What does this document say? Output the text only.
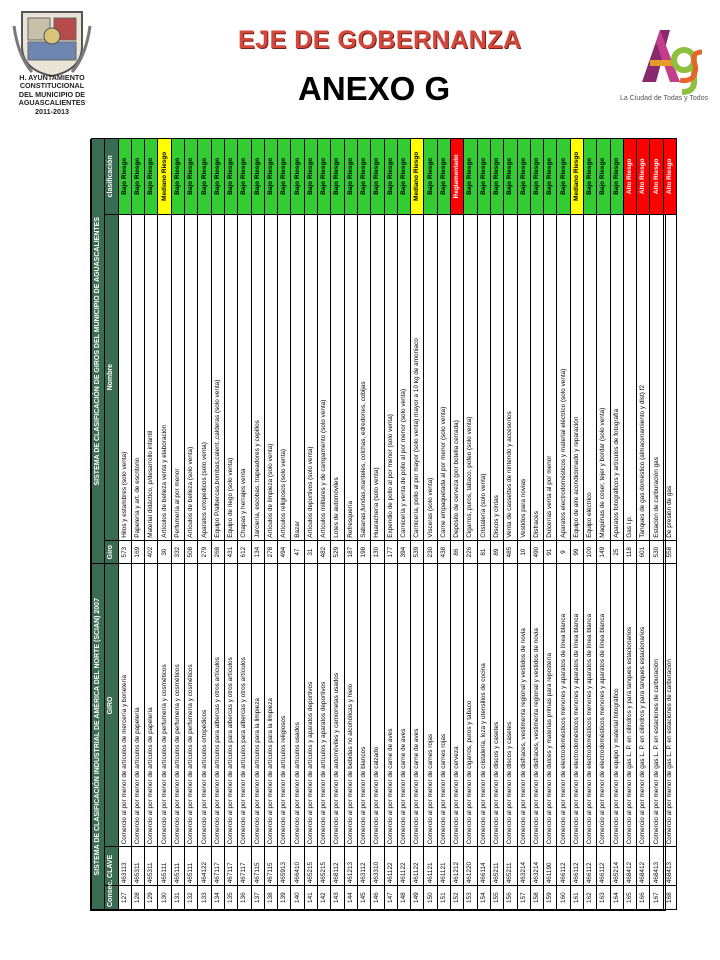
H. AYUNTAMIENTO
CONSTITUCIONAL
DEL MUNICIPIO DE
AGUASCALIENTES
2011-2013
EJE DE GOBERNANZA
ANEXO G	La Ciudad de Todas y Todos
SISTEMA DE CLASIFICACIÓN INDUSTRIAL DE AMÉRICA DEL NORTE (SCIAN) 2007			SISTEMA DE CLASIFICACIÓN DE GIROS DEL MUNICIPIO DE AGUASCALIENTES		
Consec.	CLAVE	GIRO	Giro	Nombre	clasificación
127	463113	Comercio al por menor de artículos de mercería y bonetería	573	Hilos y estambres (solo venta)	Bajo Riesgo
128	465311	Comercio al por menor de artículos de papelería	169	Papelería y art. de escritorio	Bajo Riesgo
129	465311	Comercio al por menor de artículos de papelería	402	Material didáctico, p/desarrollo infantil	Bajo Riesgo
130	465111	Comercio al por menor de artículos de perfumería y cosméticos	30	Artículos de belleza venta y elaboración	Mediano Riesgo
131	465111	Comercio al por menor de artículos de perfumería y cosméticos	332	Perfumería al por menor	Bajo Riesgo
132	465111	Comercio al por menor de artículos de perfumería y cosméticos	508	Artículos de belleza (solo venta)	Bajo Riesgo
133	464122	Comercio al por menor de artículos ortopédicos	279	Aparatos ortopédicos (solo venta)	Bajo Riesgo
134	467117	Comercio al por menor de artículos para albercas y otros artículos	268	Equipo P/albercas,bombas,calent.,calderas (solo venta)	Bajo Riesgo
135	467117	Comercio al por menor de artículos para albercas y otros artículos	431	Equipo de riego (solo venta)	Bajo Riesgo
136	467117	Comercio al por menor de artículos para albercas y otros artículos	612	Chapas y herrajes venta	Bajo Riesgo
137	467115	Comercio al por menor de artículos para la limpieza	134	Jarciería, escobas, trapeadores y cepillos	Bajo Riesgo
138	467115	Comercio al por menor de artículos para la limpieza	278	Artículos de limpieza (solo venta)	Bajo Riesgo
139	465913	Comercio al por menor de artículos religiosos	494	Artículos religiosos (solo venta)	Bajo Riesgo
140	466410	Comercio al por menor de artículos usados	47	Bazar	Bajo Riesgo
141	465215	Comercio al por menor de artículos y aparatos deportivos	31	Artículos deportivos (solo venta)	Bajo Riesgo
142	465215	Comercio al por menor de artículos y aparatos deportivos	482	Artículos militares y de campamento (solo venta)	Bajo Riesgo
143	468112	Comercio al por menor de automóviles y camionetas usados	529	Lotes de automóviles	Bajo Riesgo
144	461213	Comercio al por menor de bebidas no alcohólicas y hielo	187	Refresquería	Bajo Riesgo
145	463112	Comercio al por menor de blancos	198	Sabanas,fundas,manteles, colchas, edredones, cobijas	Bajo Riesgo
146	463310	Comercio al por menor de calzado	130	Huarachería (solo venta)	Bajo Riesgo
147	461122	Comercio al por menor de carne de aves	177	Expendio de pollo al por menor (solo venta)	Bajo Riesgo
148	461122	Comercio al por menor de carne de aves	394	Carnicería y venta de pollo al por menor (solo venta)	Bajo Riesgo
149	461122	Comercio al por menor de carne de aves	539	Carnicería, pollo al por mayor (solo venta) mayor a 10 kg de amoniaco	Mediano Riesgo
150	461121	Comercio al por menor de carnes rojas	230	Vísceras (solo venta)	Bajo Riesgo
151	461121	Comercio al por menor de carnes rojas	438	Carne empaquetada al por menor (solo venta)	Bajo Riesgo
152	461212	Comercio al por menor de cerveza	86	Depósito de cerveza (por botella cerrada)	Reglamentado
153	461220	Comercio al por menor de cigarros, puros y tabaco	226	Cigarros, puros, tabaco, pofeo (solo venta)	Bajo Riesgo
154	466114	Comercio al por menor de cristalería, loza y utensilios de cocina	81	Cristalería (solo venta)	Bajo Riesgo
155	465211	Comercio al por menor de discos y casetes	89	Discos y cintas	Bajo Riesgo
156	465211	Comercio al por menor de discos y casetes	485	Venta de cassettes de nintendo y accesorios	Bajo Riesgo
157	463214	Comercio al por menor de disfraces, vestimenta regional y vestidos de novia	10	Vestidos para novias	Bajo Riesgo
158	463214	Comercio al por menor de disfraces, vestimenta regional y vestidos de novia	490	Disfraces	Bajo Riesgo
159	461190	Comercio al por menor de dulces y materias primas para repostería	91	Dulcerías venta al por menor	Bajo Riesgo
160	466112	Comercio al por menor de electrodomésticos menores y aparatos de línea blanca	9	Aparatos electrodomésticos y material eléctrico (solo venta)	Bajo Riesgo
161	466112	Comercio al por menor de electrodomésticos menores y aparatos de línea blanca	99	Equipo de aire acondicionado y reparación	Mediano Riesgo
162	466112	Comercio al por menor de electrodomésticos menores y aparatos de línea blanca	100	Equipo eléctrico	Bajo Riesgo
163	466112	Comercio al por menor de electrodomésticos menores y aparatos de línea blanca	149	Maquinas de coser, tejer y bordar (solo venta)	Bajo Riesgo
164	465214	Comercio al por menor de equipo y material fotográfico	25	Aparatos fotográficos y artículos de fotografía	Bajo Riesgo
165	468412	Comercio al por menor de gas L. P. en cilindros y para tanques estacionarios	118	Gas l.p.	Alto Riesgo
166	468412	Comercio al por menor de gas L. P. en cilindros y para tanques estacionarios	601	Tanques de gas doméstico (almacenamiento y dist) f2	Alto Riesgo
167	468413	Comercio al por menor de gas L. P. en estaciones de carburación	530	Estación de carburación gas	Alto Riesgo
168	468413	Comercio al por menor de gas L. P. en estaciones de carburación	558	De presión de gas	Alto Riesgo
